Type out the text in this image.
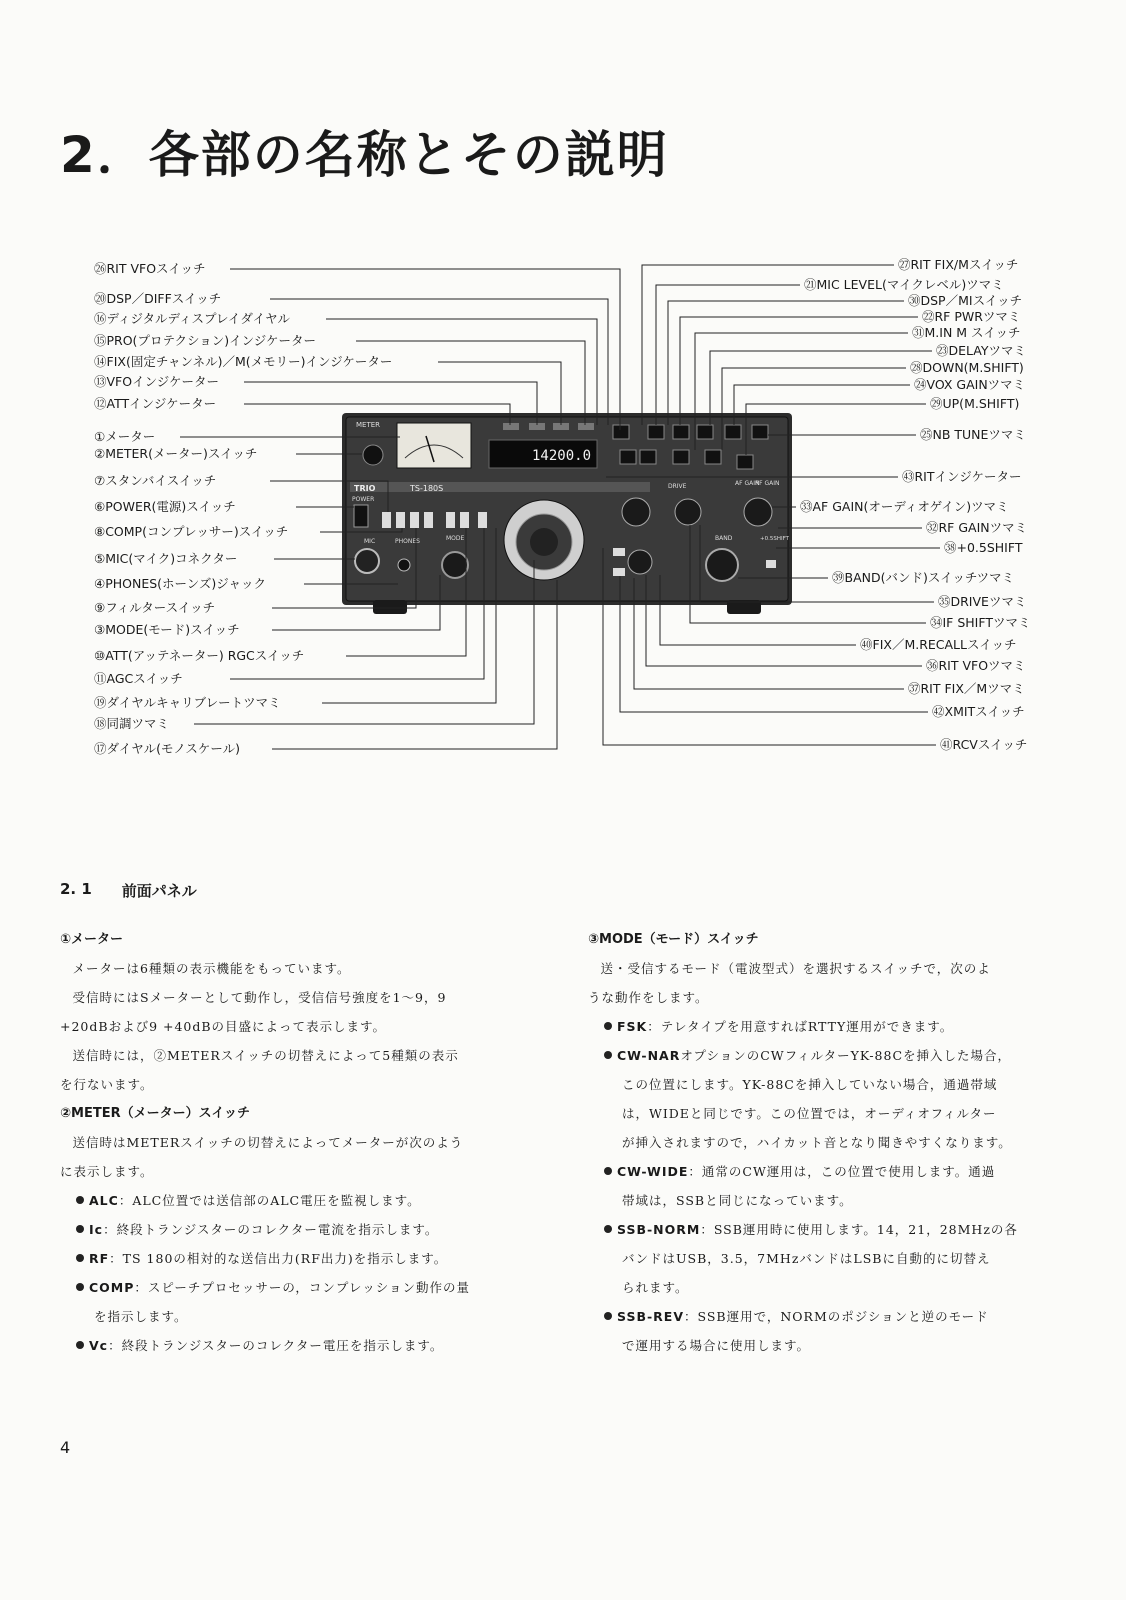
2．各部の名称とその説明
METER
TRIO	TS-180S
14200.0
POWER
MIC	PHONES	MODE
DRIVE
BAND
AF GAIN
RF GAIN
+0.5SHIFT
㉖RIT VFOスイッチ
⑳DSP／DIFFスイッチ
⑯ディジタルディスプレイダイヤル
⑮PRO(プロテクション)インジケーター
⑭FIX(固定チャンネル)／M(メモリー)インジケーター
⑬VFOインジケーター
⑫ATTインジケーター
①メーター
②METER(メーター)スイッチ
⑦スタンバイスイッチ
⑥POWER(電源)スイッチ
⑧COMP(コンプレッサー)スイッチ
⑤MIC(マイク)コネクター
④PHONES(ホーンズ)ジャック
⑨フィルタースイッチ
③MODE(モード)スイッチ
⑩ATT(アッテネーター) RGCスイッチ
⑪AGCスイッチ
⑲ダイヤルキャリブレートツマミ
⑱同調ツマミ
⑰ダイヤル(モノスケール)
㉗RIT FIX/Mスイッチ
㉑MIC LEVEL(マイクレベル)ツマミ
㉚DSP／MIスイッチ
㉒RF PWRツマミ
㉛M.IN M スイッチ
㉓DELAYツマミ
㉘DOWN(M.SHIFT)
㉔VOX GAINツマミ
㉙UP(M.SHIFT)
㉕NB TUNEツマミ
㊸RITインジケーター
㉝AF GAIN(オーディオゲイン)ツマミ
㉜RF GAINツマミ
㊳+0.5SHIFT
㊴BAND(バンド)スイッチツマミ
㉟DRIVEツマミ
㉞IF SHIFTツマミ
㊵FIX／M.RECALLスイッチ
㊱RIT VFOツマミ
㊲RIT FIX／Mツマミ
㊷XMITスイッチ
㊶RCVスイッチ
2. 1 前面パネル

①メーター

メーターは6種類の表示機能をもっています。

受信時にはSメーターとして動作し，受信信号強度を1～9，9

+20dBおよび9 +40dBの目盛によって表示します。

送信時には，②METERスイッチの切替えによって5種類の表示

を行ないます。

②METER（メーター）スイッチ

送信時はMETERスイッチの切替えによってメーターが次のよう

に表示します。

ALC：ALC位置では送信部のALC電圧を監視します。

Ic：終段トランジスターのコレクター電流を指示します。

RF：TS 180の相対的な送信出力(RF出力)を指示します。

COMP：スピーチプロセッサーの，コンプレッション動作の量

を指示します。

Vc：終段トランジスターのコレクター電圧を指示します。

③MODE（モード）スイッチ

送・受信するモード（電波型式）を選択するスイッチで，次のよ

うな動作をします。

FSK：テレタイプを用意すればRTTY運用ができます。

CW-NARオプションのCWフィルターYK-88Cを挿入した場合，

この位置にします。YK-88Cを挿入していない場合，通過帯域

は，WIDEと同じです。この位置では，オーディオフィルター

が挿入されますので，ハイカット音となり聞きやすくなります。

CW-WIDE：通常のCW運用は，この位置で使用します。通過

帯域は，SSBと同じになっています。

SSB-NORM：SSB運用時に使用します。14，21，28MHzの各

バンドはUSB，3.5，7MHzバンドはLSBに自動的に切替え

られます。

SSB-REV：SSB運用で，NORMのポジションと逆のモード

で運用する場合に使用します。

4
